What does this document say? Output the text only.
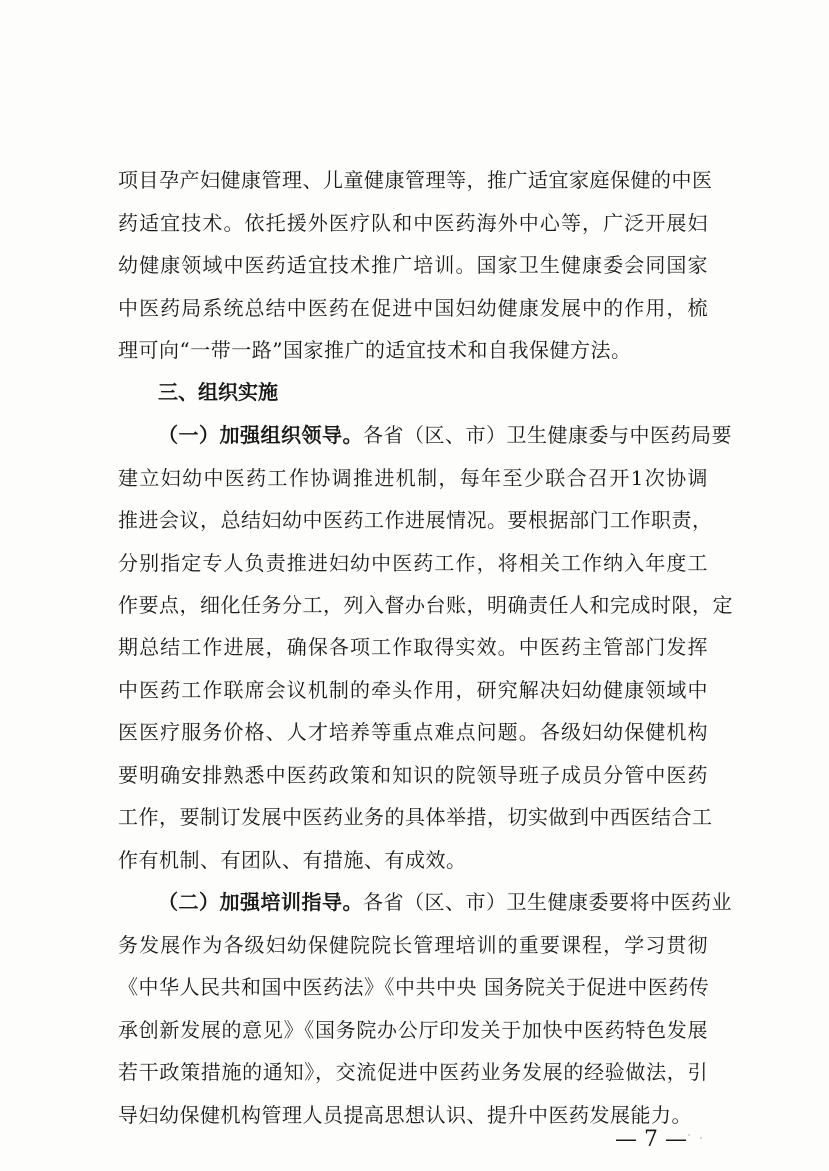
项目孕产妇健康管理、儿童健康管理等，推广适宜家庭保健的中医
药适宜技术。依托援外医疗队和中医药海外中心等，广泛开展妇
幼健康领域中医药适宜技术推广培训。国家卫生健康委会同国家
中医药局系统总结中医药在促进中国妇幼健康发展中的作用，梳
理可向“一带一路”国家推广的适宜技术和自我保健方法。
三、组织实施
（一）加强组织领导。各省（区、市）卫生健康委与中医药局要
建立妇幼中医药工作协调推进机制，每年至少联合召开1次协调
推进会议，总结妇幼中医药工作进展情况。要根据部门工作职责，
分别指定专人负责推进妇幼中医药工作，将相关工作纳入年度工
作要点，细化任务分工，列入督办台账，明确责任人和完成时限，定
期总结工作进展，确保各项工作取得实效。中医药主管部门发挥
中医药工作联席会议机制的牵头作用，研究解决妇幼健康领域中
医医疗服务价格、人才培养等重点难点问题。各级妇幼保健机构
要明确安排熟悉中医药政策和知识的院领导班子成员分管中医药
工作，要制订发展中医药业务的具体举措，切实做到中西医结合工
作有机制、有团队、有措施、有成效。
（二）加强培训指导。各省（区、市）卫生健康委要将中医药业
务发展作为各级妇幼保健院院长管理培训的重要课程，学习贯彻
《中华人民共和国中医药法》《中共中央 国务院关于促进中医药传
承创新发展的意见》《国务院办公厅印发关于加快中医药特色发展
若干政策措施的通知》，交流促进中医药业务发展的经验做法，引
导妇幼保健机构管理人员提高思想认识、提升中医药发展能力。
— 7 —
